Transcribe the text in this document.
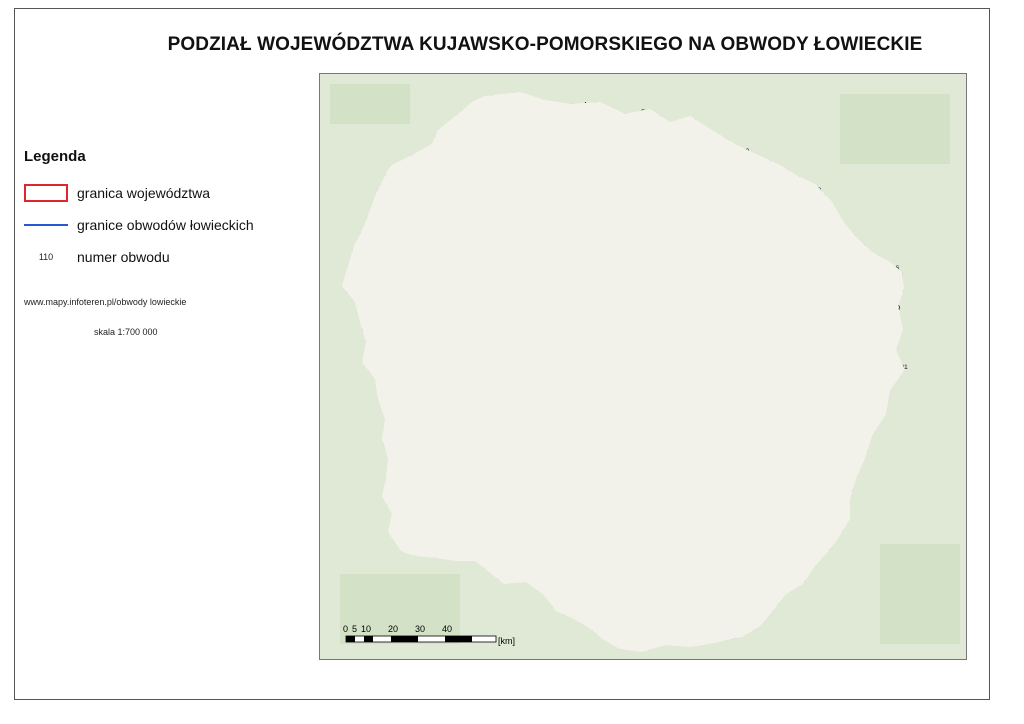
PODZIAŁ WOJEWÓDZTWA KUJAWSKO-POMORSKIEGO NA OBWODY ŁOWIECKIE
Legenda
granica województwa
granice obwodów łowieckich
110	numer obwodu
www.mapy.infoteren.pl/obwody lowieckie
skala 1:700 000
1
2	3
4
5
6	7
8
10
11 12
13
14 15	16
17
18	19
20
21
22 23
24	25 26
27	28
29
30
31
32	33 34
36
37
38
39
40
41
42
43
44
45
46	47
48
49
50
51 52
53
54
55
56
57
58	59
60
61
62 63
64	65	66
67	68
69
70
71	72
73 74	75
76
77
78 79
80 81
82 83
84 85
86
87 88 89 90	91
92
93 94
95 96	97
98
99	100 101
102
103 104 105
106
107
108 109 110 111
112
113
114
115
116	117 118
119	120
121
122
123 124
125
126
127
128
129
130 131 132
133
134
135 136 137 138 139
140
141	142 143
144	145 146
147
148
149
150
151
152 153 154	155 156	157
158	159
160
161
162 163
164
165
166 167	168 169 170
171
172
173
174
175
176
177 178
179
180 181
182
183
184
185
186 187 188	189
190
191
192 193	194
195	196 197 198
199
200
201
202
203
204	205
206
207 208 209 210
211 212 213
214
215	216 217
218	219 220
221
222
223
224 225
226
227 228	229
230	231
232
233
234
235
236
237
238	239
240	241
242
243 244
245
246
247
248
249 250	251
252
253
254
256
258	259 260 261
262
263
265
266
267 268 269
270	271
0 5 10 20 30 40
[km]
